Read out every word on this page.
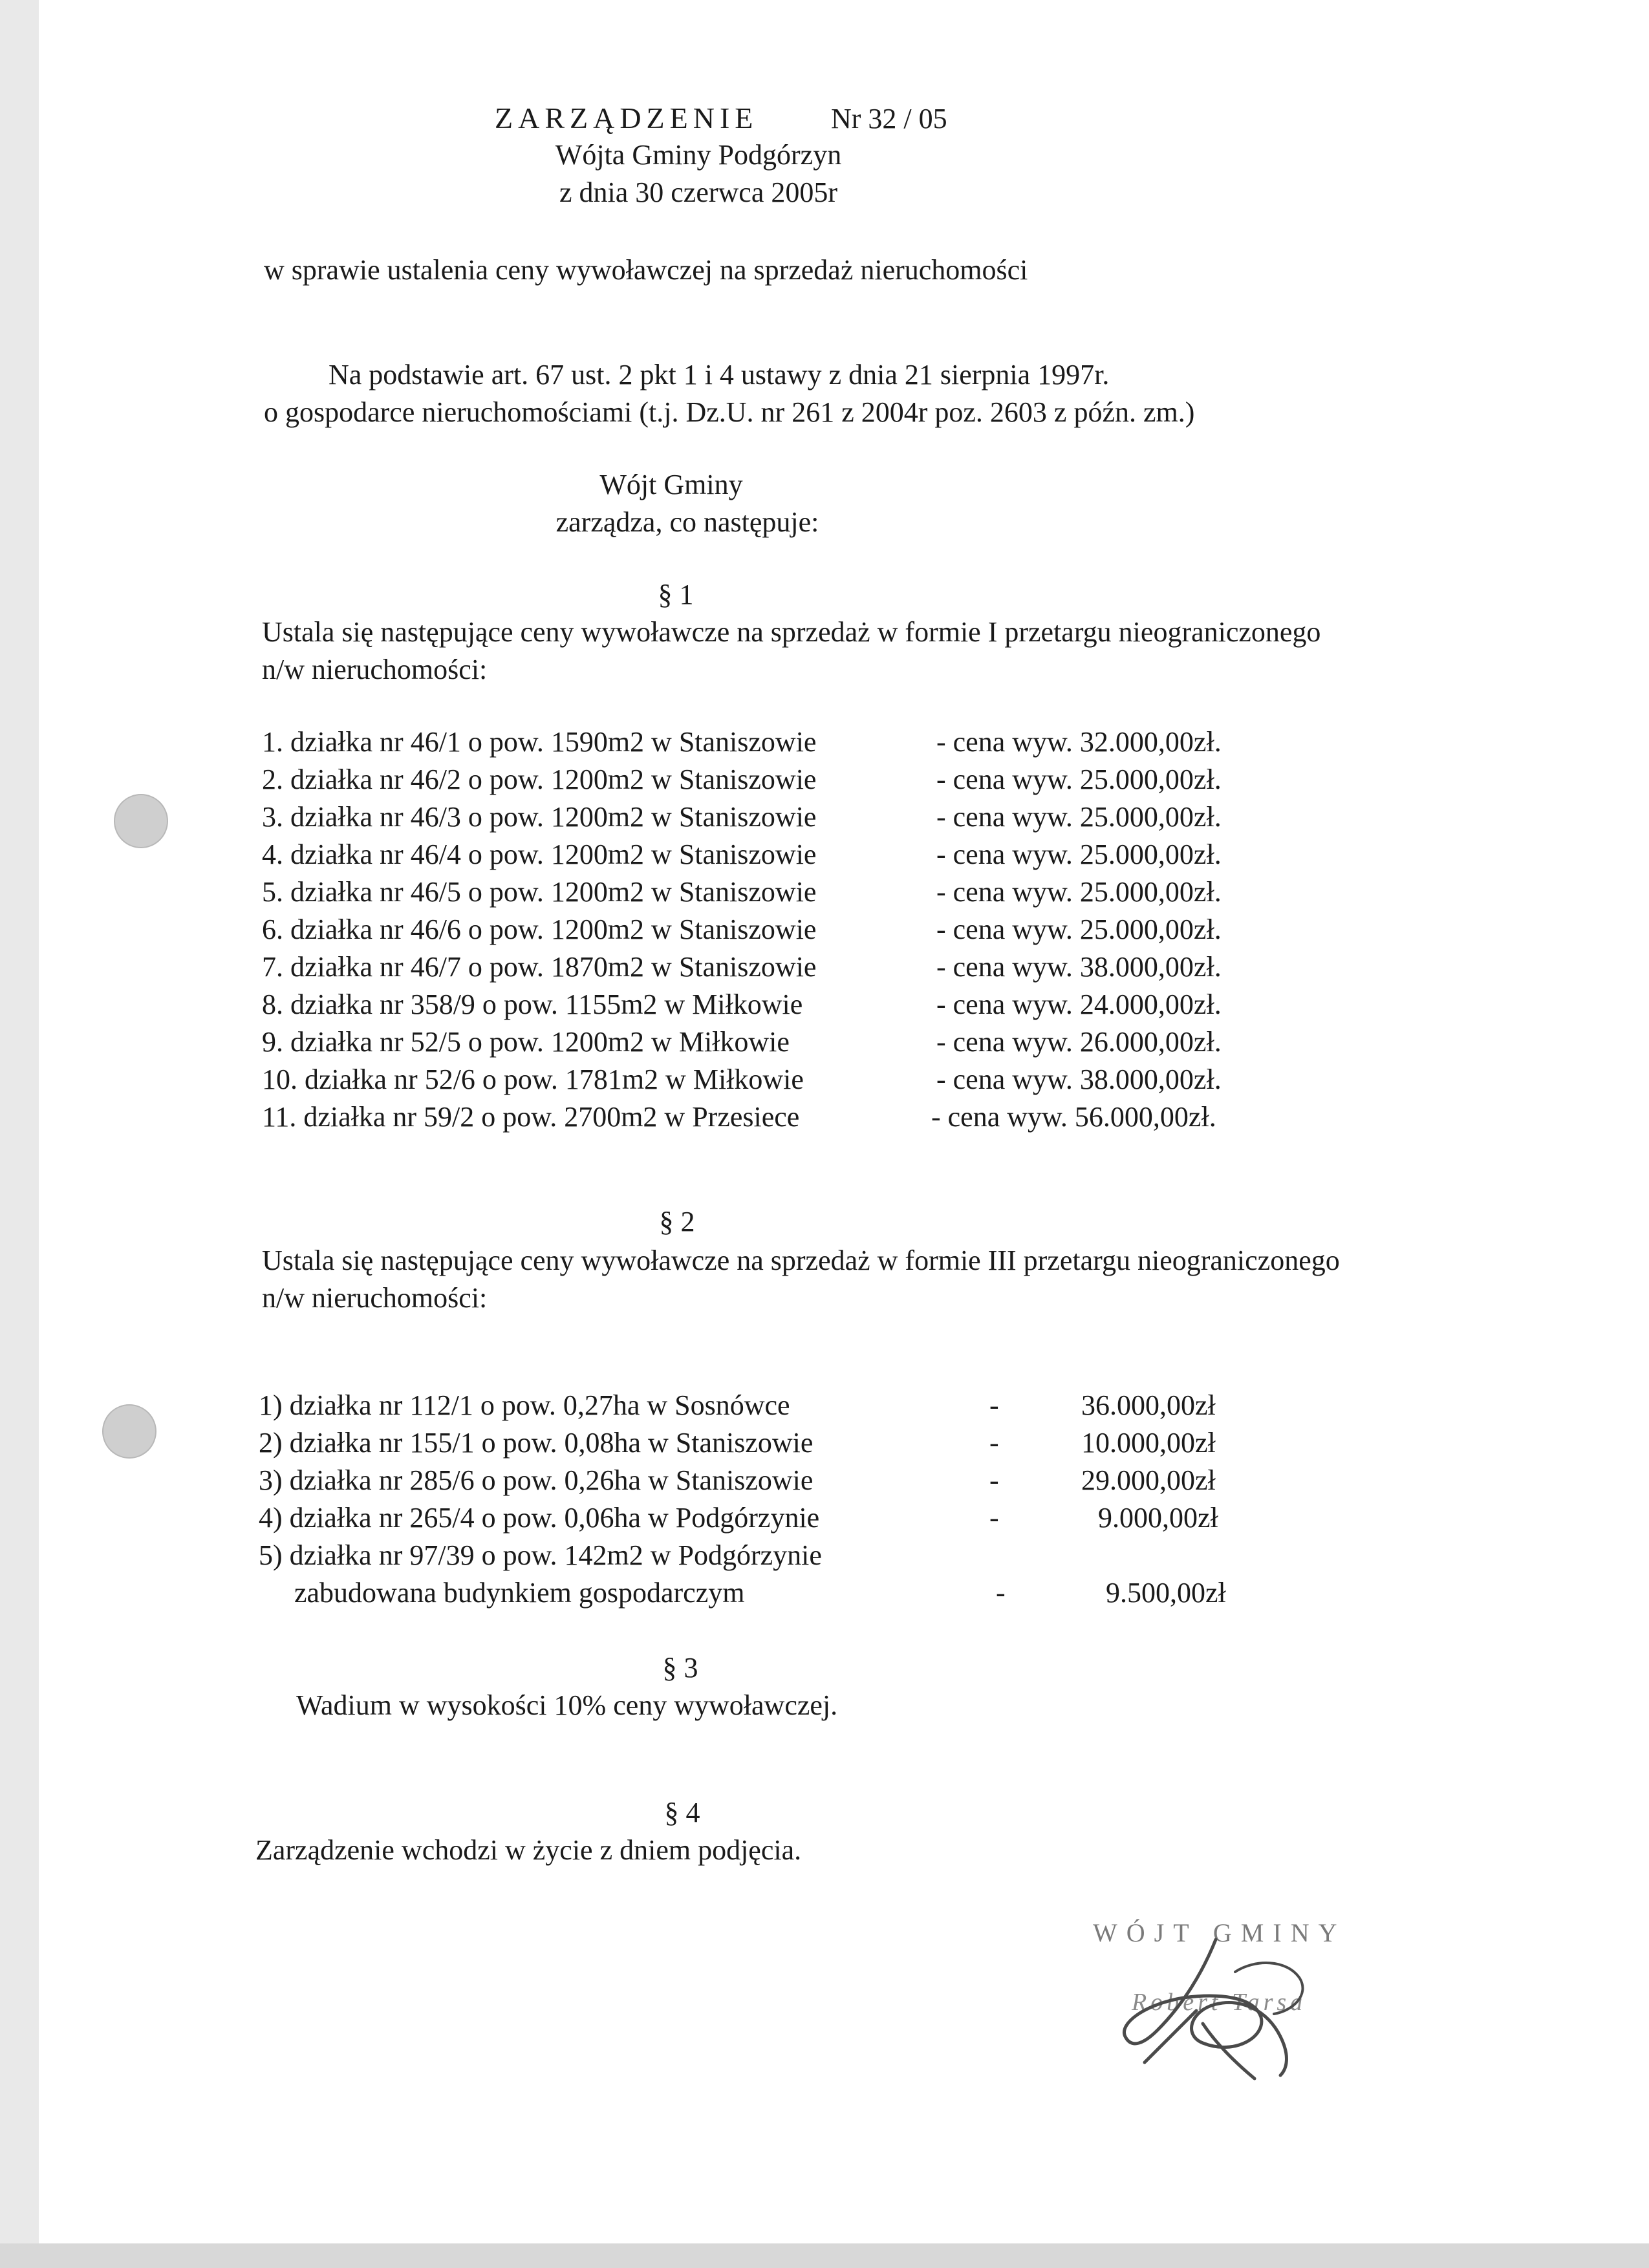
ZARZĄDZENIE	Nr 32 / 05
Wójta Gminy Podgórzyn
z dnia 30 czerwca 2005r
w sprawie ustalenia ceny wywoławczej na sprzedaż nieruchomości
Na podstawie art. 67 ust. 2 pkt 1 i 4 ustawy z dnia 21 sierpnia 1997r.
o gospodarce nieruchomościami (t.j. Dz.U. nr 261 z 2004r poz. 2603 z późn. zm.)
Wójt Gminy
zarządza, co następuje:
§ 1
Ustala się następujące ceny wywoławcze na sprzedaż w formie I przetargu nieograniczonego
n/w nieruchomości:
1. działka nr 46/1 o pow. 1590m2 w Staniszowie	- cena wyw. 32.000,00zł.
2. działka nr 46/2 o pow. 1200m2 w Staniszowie	- cena wyw. 25.000,00zł.
3. działka nr 46/3 o pow. 1200m2 w Staniszowie	- cena wyw. 25.000,00zł.
4. działka nr 46/4 o pow. 1200m2 w Staniszowie	- cena wyw. 25.000,00zł.
5. działka nr 46/5 o pow. 1200m2 w Staniszowie	- cena wyw. 25.000,00zł.
6. działka nr 46/6 o pow. 1200m2 w Staniszowie	- cena wyw. 25.000,00zł.
7. działka nr 46/7 o pow. 1870m2 w Staniszowie	- cena wyw. 38.000,00zł.
8. działka nr 358/9 o pow. 1155m2 w Miłkowie	- cena wyw. 24.000,00zł.
9. działka nr 52/5 o pow. 1200m2 w Miłkowie	- cena wyw. 26.000,00zł.
10. działka nr 52/6 o pow. 1781m2 w Miłkowie	- cena wyw. 38.000,00zł.
11. działka nr 59/2 o pow. 2700m2 w Przesiece	- cena wyw. 56.000,00zł.
§ 2
Ustala się następujące ceny wywoławcze na sprzedaż w formie III przetargu nieograniczonego
n/w nieruchomości:
1) działka nr 112/1 o pow. 0,27ha w Sosnówce	-	36.000,00zł
2) działka nr 155/1 o pow. 0,08ha w Staniszowie	-	10.000,00zł
3) działka nr 285/6 o pow. 0,26ha w Staniszowie	-	29.000,00zł
4) działka nr 265/4 o pow. 0,06ha w Podgórzynie	-	9.000,00zł
5) działka nr 97/39 o pow. 142m2 w Podgórzynie
zabudowana budynkiem gospodarczym	-	9.500,00zł
§ 3
Wadium w wysokości 10% ceny wywoławczej.
§ 4
Zarządzenie wchodzi w życie z dniem podjęcia.
WÓJT GMINY
Robert Tarsa
